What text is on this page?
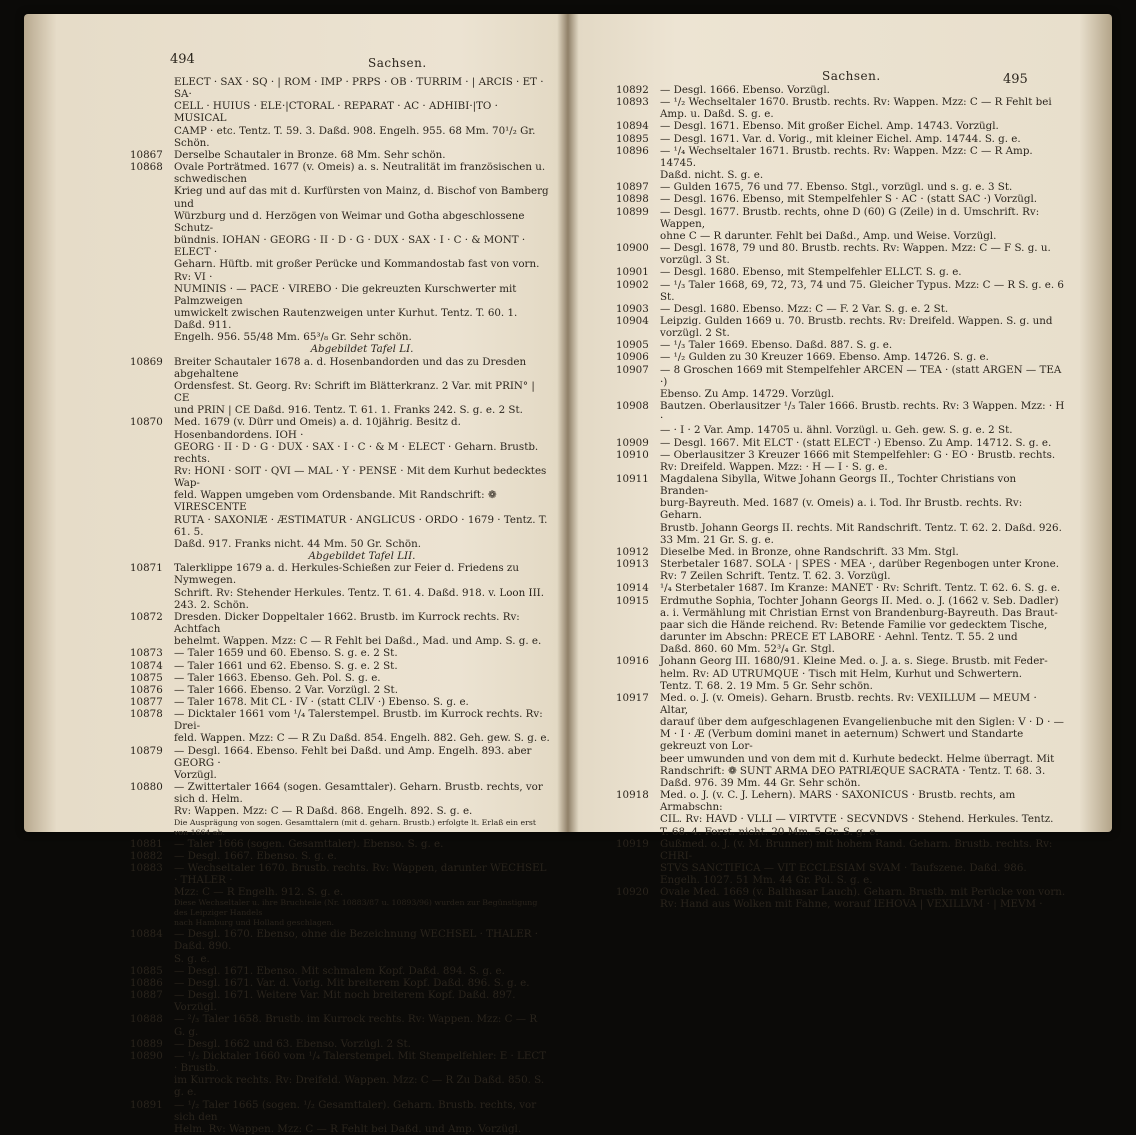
494	Sachsen.
ELECT · SAX · SQ · | ROM · IMP · PRPS · OB · TURRIM · | ARCIS · ET · SA·
CELL · HUIUS · ELE·|CTORAL · REPARAT · AC · ADHIBI·|TO · MUSICAL
CAMP · etc. Tentz. T. 59. 3. Daßd. 908. Engelh. 955. 68 Mm. 70¹/₂ Gr. Schön.
10867	Derselbe Schautaler in Bronze. 68 Mm. Sehr schön.
10868	Ovale Porträtmed. 1677 (v. Omeis) a. s. Neutralität im französischen u. schwedischen
Krieg und auf das mit d. Kurfürsten von Mainz, d. Bischof von Bamberg und
Würzburg und d. Herzögen von Weimar und Gotha abgeschlossene Schutz-
bündnis. IOHAN · GEORG · II · D · G · DUX · SAX · I · C · & MONT · ELECT ·
Geharn. Hüftb. mit großer Perücke und Kommandostab fast von vorn. Rv: VI ·
NUMINIS · — PACE · VIREBO · Die gekreuzten Kurschwerter mit Palmzweigen
umwickelt zwischen Rautenzweigen unter Kurhut. Tentz. T. 60. 1. Daßd. 911.
Engelh. 956. 55/48 Mm. 65³/₈ Gr. Sehr schön.
Abgebildet Tafel LI.
10869	Breiter Schautaler 1678 a. d. Hosenbandorden und das zu Dresden abgehaltene
Ordensfest. St. Georg. Rv: Schrift im Blätterkranz. 2 Var. mit PRIN° | CE
und PRIN | CE Daßd. 916. Tentz. T. 61. 1. Franks 242. S. g. e. 2 St.
10870	Med. 1679 (v. Dürr und Omeis) a. d. 10jährig. Besitz d. Hosenbandordens. IOH ·
GEORG · II · D · G · DUX · SAX · I · C · & M · ELECT · Geharn. Brustb. rechts.
Rv: HONI · SOIT · QVI — MAL · Y · PENSE · Mit dem Kurhut bedecktes Wap-
feld. Wappen umgeben vom Ordensbande. Mit Randschrift: ❁ VIRESCENTE
RUTA · SAXONIÆ · ÆSTIMATUR · ANGLICUS · ORDO · 1679 · Tentz. T. 61. 5.
Daßd. 917. Franks nicht. 44 Mm. 50 Gr. Schön.
Abgebildet Tafel LII.
10871	Talerklippe 1679 a. d. Herkules-Schießen zur Feier d. Friedens zu Nymwegen.
Schrift. Rv: Stehender Herkules. Tentz. T. 61. 4. Daßd. 918. v. Loon III.
243. 2. Schön.
10872	Dresden. Dicker Doppeltaler 1662. Brustb. im Kurrock rechts. Rv: Achtfach
behelmt. Wappen. Mzz: C — R Fehlt bei Daßd., Mad. und Amp. S. g. e.
10873	— Taler 1659 und 60. Ebenso. S. g. e. 2 St.
10874	— Taler 1661 und 62. Ebenso. S. g. e. 2 St.
10875	— Taler 1663. Ebenso. Geh. Pol. S. g. e.
10876	— Taler 1666. Ebenso. 2 Var. Vorzügl. 2 St.
10877	— Taler 1678. Mit CL · IV · (statt CLIV ·) Ebenso. S. g. e.
10878	— Dicktaler 1661 vom ¹/₄ Talerstempel. Brustb. im Kurrock rechts. Rv: Drei-
feld. Wappen. Mzz: C — R Zu Daßd. 854. Engelh. 882. Geh. gew. S. g. e.
10879	— Desgl. 1664. Ebenso. Fehlt bei Daßd. und Amp. Engelh. 893. aber GEORG ·
Vorzügl.
10880	— Zwittertaler 1664 (sogen. Gesamttaler). Geharn. Brustb. rechts, vor sich d. Helm.
Rv: Wappen. Mzz: C — R Daßd. 868. Engelh. 892. S. g. e.
Die Ausprägung von sogen. Gesamttalern (mit d. geharn. Brustb.) erfolgte lt. Erlaß ein erst von 1664 ab.
10881	— Taler 1666 (sogen. Gesamttaler). Ebenso. S. g. e.
10882	— Desgl. 1667. Ebenso. S. g. e.
10883	— Wechseltaler 1670. Brustb. rechts. Rv: Wappen, darunter WECHSEL · THALER ·
Mzz: C — R Engelh. 912. S. g. e.
Diese Wechseltaler u. ihre Bruchteile (Nr. 10883/87 u. 10893/96) wurden zur Begünstigung des Leipziger Handels
nach Hamburg und Holland geschlagen.
10884	— Desgl. 1670. Ebenso, ohne die Bezeichnung WECHSEL · THALER · Daßd. 890.
S. g. e.
10885	— Desgl. 1671. Ebenso. Mit schmalem Kopf. Daßd. 894. S. g. e.
10886	— Desgl. 1671. Var. d. Vorig. Mit breiterem Kopf. Daßd. 896. S. g. e.
10887	— Desgl. 1671. Weitere Var. Mit noch breiterem Kopf. Daßd. 897. Vorzügl.
10888	— ²/₃ Taler 1658. Brustb. im Kurrock rechts. Rv: Wappen. Mzz: C — R G. g.
10889	— Desgl. 1662 und 63. Ebenso. Vorzügl. 2 St.
10890	— ¹/₂ Dicktaler 1660 vom ¹/₄ Talerstempel. Mit Stempelfehler: E · LECT · Brustb.
im Kurrock rechts. Rv: Dreifeld. Wappen. Mzz: C — R Zu Daßd. 850. S. g. e.
10891	— ¹/₂ Taler 1665 (sogen. ¹/₂ Gesamttaler). Geharn. Brustb. rechts, vor sich den
Helm. Rv: Wappen. Mzz: C — R Fehlt bei Daßd. und Amp. Vorzügl.
495
Sachsen.
10892	— Desgl. 1666. Ebenso. Vorzügl.
10893	— ¹/₂ Wechseltaler 1670. Brustb. rechts. Rv: Wappen. Mzz: C — R Fehlt bei
Amp. u. Daßd. S. g. e.
10894	— Desgl. 1671. Ebenso. Mit großer Eichel. Amp. 14743. Vorzügl.
10895	— Desgl. 1671. Var. d. Vorig., mit kleiner Eichel. Amp. 14744. S. g. e.
10896	— ¹/₄ Wechseltaler 1671. Brustb. rechts. Rv: Wappen. Mzz: C — R Amp. 14745.
Daßd. nicht. S. g. e.
10897	— Gulden 1675, 76 und 77. Ebenso. Stgl., vorzügl. und s. g. e. 3 St.
10898	— Desgl. 1676. Ebenso, mit Stempelfehler S · AC · (statt SAC ·) Vorzügl.
10899	— Desgl. 1677. Brustb. rechts, ohne D (60) G (Zeile) in d. Umschrift. Rv: Wappen,
ohne C — R darunter. Fehlt bei Daßd., Amp. und Weise. Vorzügl.
10900	— Desgl. 1678, 79 und 80. Brustb. rechts. Rv: Wappen. Mzz: C — F S. g. u.
vorzügl. 3 St.
10901	— Desgl. 1680. Ebenso, mit Stempelfehler ELLCT. S. g. e.
10902	— ¹/₃ Taler 1668, 69, 72, 73, 74 und 75. Gleicher Typus. Mzz: C — R S. g. e. 6 St.
10903	— Desgl. 1680. Ebenso. Mzz: C — F. 2 Var. S. g. e. 2 St.
10904	Leipzig. Gulden 1669 u. 70. Brustb. rechts. Rv: Dreifeld. Wappen. S. g. und
vorzügl. 2 St.
10905	— ¹/₃ Taler 1669. Ebenso. Daßd. 887. S. g. e.
10906	— ¹/₂ Gulden zu 30 Kreuzer 1669. Ebenso. Amp. 14726. S. g. e.
10907	— 8 Groschen 1669 mit Stempelfehler ARCEN — TEA · (statt ARGEN — TEA ·)
Ebenso. Zu Amp. 14729. Vorzügl.
10908	Bautzen. Oberlausitzer ¹/₃ Taler 1666. Brustb. rechts. Rv: 3 Wappen. Mzz: · H ·
— · I · 2 Var. Amp. 14705 u. ähnl. Vorzügl. u. Geh. gew. S. g. e. 2 St.
10909	— Desgl. 1667. Mit ELCT · (statt ELECT ·) Ebenso. Zu Amp. 14712. S. g. e.
10910	— Oberlausitzer 3 Kreuzer 1666 mit Stempelfehler: G · EO · Brustb. rechts.
Rv: Dreifeld. Wappen. Mzz: · H — I · S. g. e.
10911	Magdalena Sibylla, Witwe Johann Georgs II., Tochter Christians von Branden-
burg-Bayreuth. Med. 1687 (v. Omeis) a. i. Tod. Ihr Brustb. rechts. Rv: Geharn.
Brustb. Johann Georgs II. rechts. Mit Randschrift. Tentz. T. 62. 2. Daßd. 926.
33 Mm. 21 Gr. S. g. e.
10912	Dieselbe Med. in Bronze, ohne Randschrift. 33 Mm. Stgl.
10913	Sterbetaler 1687. SOLA · | SPES · MEA ·, darüber Regenbogen unter Krone.
Rv: 7 Zeilen Schrift. Tentz. T. 62. 3. Vorzügl.
10914	¹/₄ Sterbetaler 1687. Im Kranze: MANET · Rv: Schrift. Tentz. T. 62. 6. S. g. e.
10915	Erdmuthe Sophia, Tochter Johann Georgs II. Med. o. J. (1662 v. Seb. Dadler)
a. i. Vermählung mit Christian Ernst von Brandenburg-Bayreuth. Das Braut-
paar sich die Hände reichend. Rv: Betende Familie vor gedecktem Tische,
darunter im Abschn: PRECE ET LABORE · Aehnl. Tentz. T. 55. 2 und
Daßd. 860. 60 Mm. 52³/₄ Gr. Stgl.
10916	Johann Georg III. 1680/91. Kleine Med. o. J. a. s. Siege. Brustb. mit Feder-
helm. Rv: AD UTRUMQUE · Tisch mit Helm, Kurhut und Schwertern.
Tentz. T. 68. 2. 19 Mm. 5 Gr. Sehr schön.
10917	Med. o. J. (v. Omeis). Geharn. Brustb. rechts. Rv: VEXILLUM — MEUM · Altar,
darauf über dem aufgeschlagenen Evangelienbuche mit den Siglen: V · D · —
M · I · Æ (Verbum domini manet in aeternum) Schwert und Standarte gekreuzt von Lor-
beer umwunden und von dem mit d. Kurhute bedeckt. Helme überragt. Mit
Randschrift: ❁ SUNT ARMA DEO PATRIÆQUE SACRATA · Tentz. T. 68. 3.
Daßd. 976. 39 Mm. 44 Gr. Sehr schön.
10918	Med. o. J. (v. C. J. Lehern). MARS · SAXONICUS · Brustb. rechts, am Armabschn:
CIL. Rv: HAVD · VLLI — VIRTVTE · SECVNDVS · Stehend. Herkules. Tentz.
T. 68. 4. Forst. nicht. 20 Mm. 5 Gr. S. g. e.
10919	Gußmed. o. J. (v. M. Brunner) mit hohem Rand. Geharn. Brustb. rechts. Rv: CHRI-
STVS SANCTIFICA — VIT ECCLESIAM SVAM · Taufszene. Daßd. 986.
Engelh. 1027. 51 Mm. 44 Gr. Pol. S. g. e.
10920	Ovale Med. 1669 (v. Balthasar Lauch). Geharn. Brustb. mit Perücke von vorn.
Rv: Hand aus Wolken mit Fahne, worauf IEHOVA | VEXILLVM · | MEVM ·
